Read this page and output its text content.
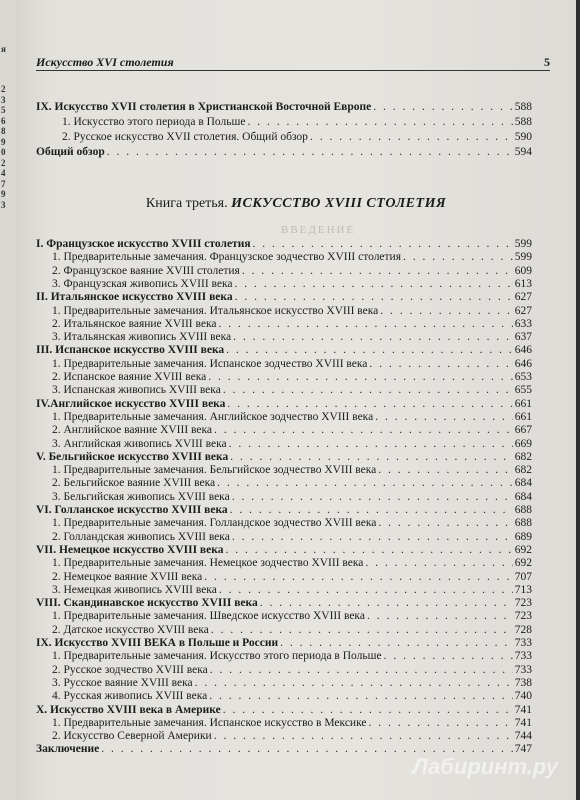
я
2
3
5
6
8
9
0
2
4
7
9
3
Искусство XVI столетия	5
IX. Искусство XVII столетия в Христианской Восточной Европе . . .	588
1. Искусство этого периода в Польше . . .	588
2. Русское искусство XVII столетия. Общий обзор . . .	590
Общий обзор . . .	594
Книга третья. ИСКУССТВО XVIII СТОЛЕТИЯ
ВВЕДЕНИЕ
I. Французское искусство XVIII столетия . . .	599
1. Предварительные замечания. Французское зодчество XVIII столетия . . .	599
2. Французское ваяние XVIII столетия . . .	609
3. Французская живопись XVIII века . . .	613
II. Итальянское искусство XVIII века . . .	627
1. Предварительные замечания. Итальянское искусство XVIII века . . .	627
2. Итальянское ваяние XVIII века . . .	633
3. Итальянская живопись XVIII века . . .	637
III. Испанское искусство XVIII века . . .	646
1. Предварительные замечания. Испанское зодчество XVIII века . . .	646
2. Испанское ваяние XVIII века . . .	653
3. Испанская живопись XVIII века . . .	655
IV.Английское искусство XVIII века . . .	661
1. Предварительные замечания. Английское зодчество XVIII века . . .	661
2. Английское ваяние XVIII века . . .	667
3. Английская живопись XVIII века . . .	669
V. Бельгийское искусство XVIII века . . .	682
1. Предварительные замечания. Бельгийское зодчество XVIII века . . .	682
2. Бельгийское ваяние XVIII века . . .	684
3. Бельгийская живопись XVIII века . . .	684
VI. Голланское искусство XVIII века . . .	688
1. Предварительные замечания. Голландское зодчество XVIII века . . .	688
2. Голландская живопись XVIII века . . .	689
VII. Немецкое искусство XVIII века . . .	692
1. Предварительные замечания. Немецкое зодчество XVIII века . . .	692
2. Немецкое ваяние XVIII века . . .	707
3. Немецкая живопись XVIII века . . .	713
VIII. Скандинавское искусство XVIII века . . .	723
1. Предварительные замечания. Шведское искусство XVIII века . . .	723
2. Датское искусство XVIII века . . .	728
IX. Искусство XVIII ВЕКА в Польше и России . . .	733
1. Предварительные замечания. Искусство этого периода в Польше . . .	733
2. Русское зодчество XVIII века . . .	733
3. Русское ваяние XVIII века . . .	738
4. Русская живопись XVIII века . . .	740
X. Искусство XVIII века в Америке . . .	741
1. Предварительные замечания. Испанское искусство в Мексике . . .	741
2. Искусство Северной Америки . . .	744
Заключение . . .	747
Лабиринт.ру
